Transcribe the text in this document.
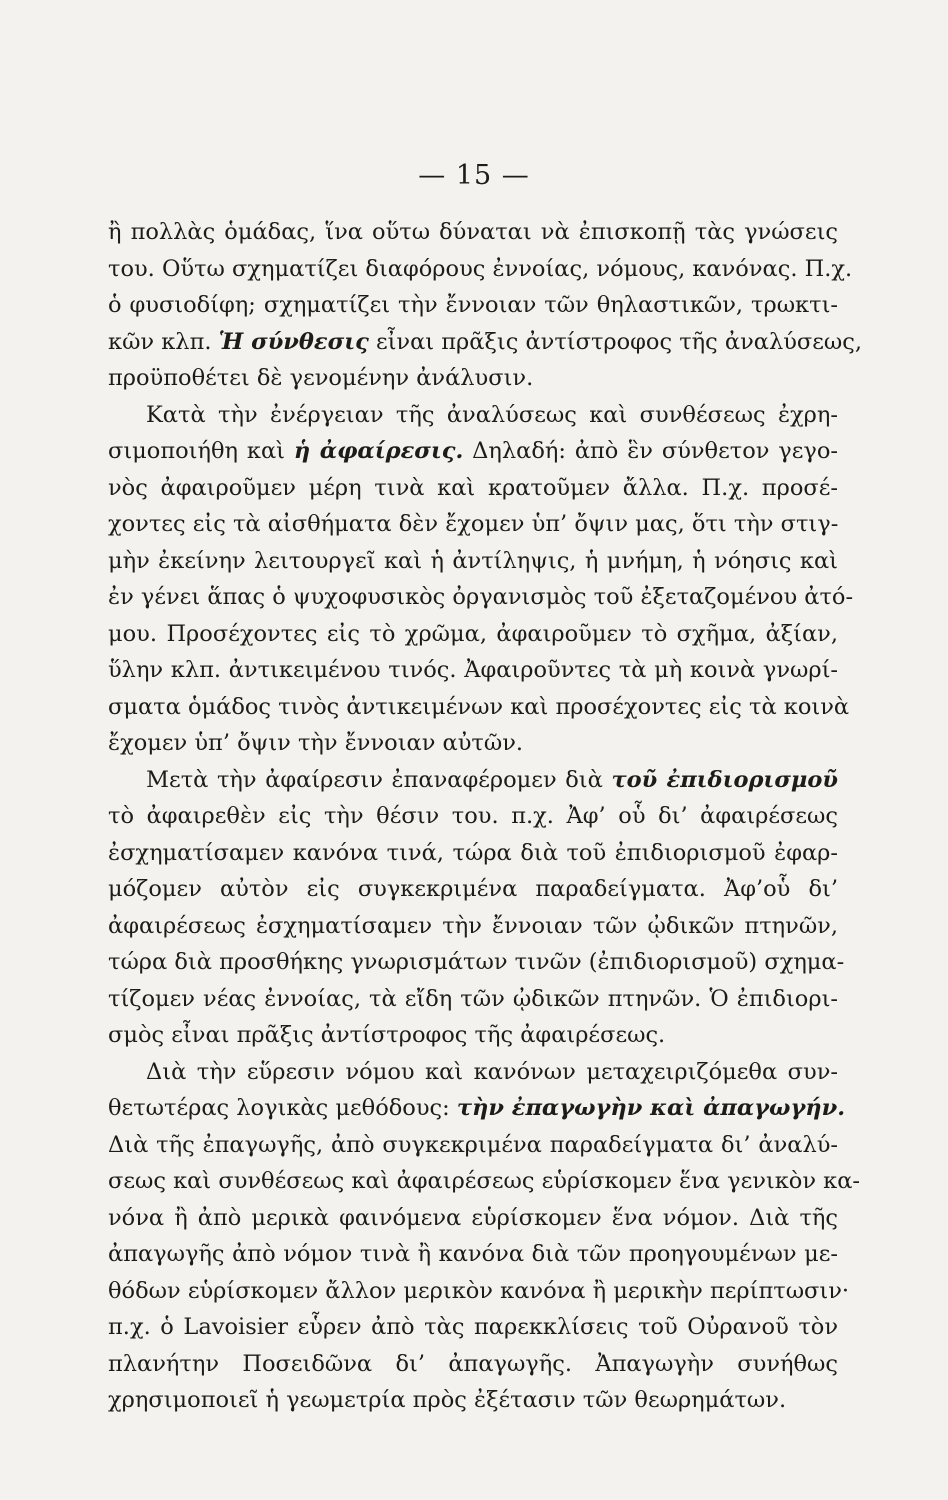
— 15 —
ἢ πολλὰς ὁμάδας, ἵνα οὕτω δύναται νὰ ἐπισκοπῇ τὰς γνώσεις
του. Οὕτω σχηματίζει διαφόρους ἐννοίας, νόμους, κανόνας. Π.χ.
ὁ φυσιοδίφη; σχηματίζει τὴν ἔννοιαν τῶν θηλαστικῶν, τρωκτι-
κῶν κλπ. Ἡ σύνθεσις εἶναι πρᾶξις ἀντίστροφος τῆς ἀναλύσεως,
προϋποθέτει δὲ γενομένην ἀνάλυσιν.
Κατὰ τὴν ἐνέργειαν τῆς ἀναλύσεως καὶ συνθέσεως ἐχρη-
σιμοποιήθη καὶ ἡ ἀφαίρεσις. Δηλαδή: ἀπὸ ἓν σύνθετον γεγο-
νὸς ἀφαιροῦμεν μέρη τινὰ καὶ κρατοῦμεν ἄλλα. Π.χ. προσέ-
χοντες εἰς τὰ αἰσθήματα δὲν ἔχομεν ὑπ’ ὄψιν μας, ὅτι τὴν στιγ-
μὴν ἐκείνην λειτουργεῖ καὶ ἡ ἀντίληψις, ἡ μνήμη, ἡ νόησις καὶ
ἐν γένει ἅπας ὁ ψυχοφυσικὸς ὀργανισμὸς τοῦ ἐξεταζομένου ἀτό-
μου. Προσέχοντες εἰς τὸ χρῶμα, ἀφαιροῦμεν τὸ σχῆμα, ἀξίαν,
ὕλην κλπ. ἀντικειμένου τινός. Ἀφαιροῦντες τὰ μὴ κοινὰ γνωρί-
σματα ὁμάδος τινὸς ἀντικειμένων καὶ προσέχοντες εἰς τὰ κοινὰ
ἔχομεν ὑπ’ ὄψιν τὴν ἔννοιαν αὐτῶν.
Μετὰ τὴν ἀφαίρεσιν ἐπαναφέρομεν διὰ τοῦ ἐπιδιορισμοῦ
τὸ ἀφαιρεθὲν εἰς τὴν θέσιν του. π.χ. Ἀφ’ οὗ δι’ ἀφαιρέσεως
ἐσχηματίσαμεν κανόνα τινά, τώρα διὰ τοῦ ἐπιδιορισμοῦ ἐφαρ-
μόζομεν αὐτὸν εἰς συγκεκριμένα παραδείγματα. Ἀφ’οὗ δι’
ἀφαιρέσεως ἐσχηματίσαμεν τὴν ἔννοιαν τῶν ᾠδικῶν πτηνῶν,
τώρα διὰ προσθήκης γνωρισμάτων τινῶν (ἐπιδιορισμοῦ) σχημα-
τίζομεν νέας ἐννοίας, τὰ εἴδη τῶν ᾠδικῶν πτηνῶν. Ὁ ἐπιδιορι-
σμὸς εἶναι πρᾶξις ἀντίστροφος τῆς ἀφαιρέσεως.
Διὰ τὴν εὕρεσιν νόμου καὶ κανόνων μεταχειριζόμεθα συν-
θετωτέρας λογικὰς μεθόδους: τὴν ἐπαγωγὴν καὶ ἀπαγωγήν.
Διὰ τῆς ἐπαγωγῆς, ἀπὸ συγκεκριμένα παραδείγματα δι’ ἀναλύ-
σεως καὶ συνθέσεως καὶ ἀφαιρέσεως εὑρίσκομεν ἕνα γενικὸν κα-
νόνα ἢ ἀπὸ μερικὰ φαινόμενα εὑρίσκομεν ἕνα νόμον. Διὰ τῆς
ἀπαγωγῆς ἀπὸ νόμον τινὰ ἢ κανόνα διὰ τῶν προηγουμένων με-
θόδων εὑρίσκομεν ἄλλον μερικὸν κανόνα ἢ μερικὴν περίπτωσιν·
π.χ. ὁ Lavoisier εὗρεν ἀπὸ τὰς παρεκκλίσεις τοῦ Οὐρανοῦ τὸν
πλανήτην Ποσειδῶνα δι’ ἀπαγωγῆς. Ἀπαγωγὴν συνήθως
χρησιμοποιεῖ ἡ γεωμετρία πρὸς ἐξέτασιν τῶν θεωρημάτων.
